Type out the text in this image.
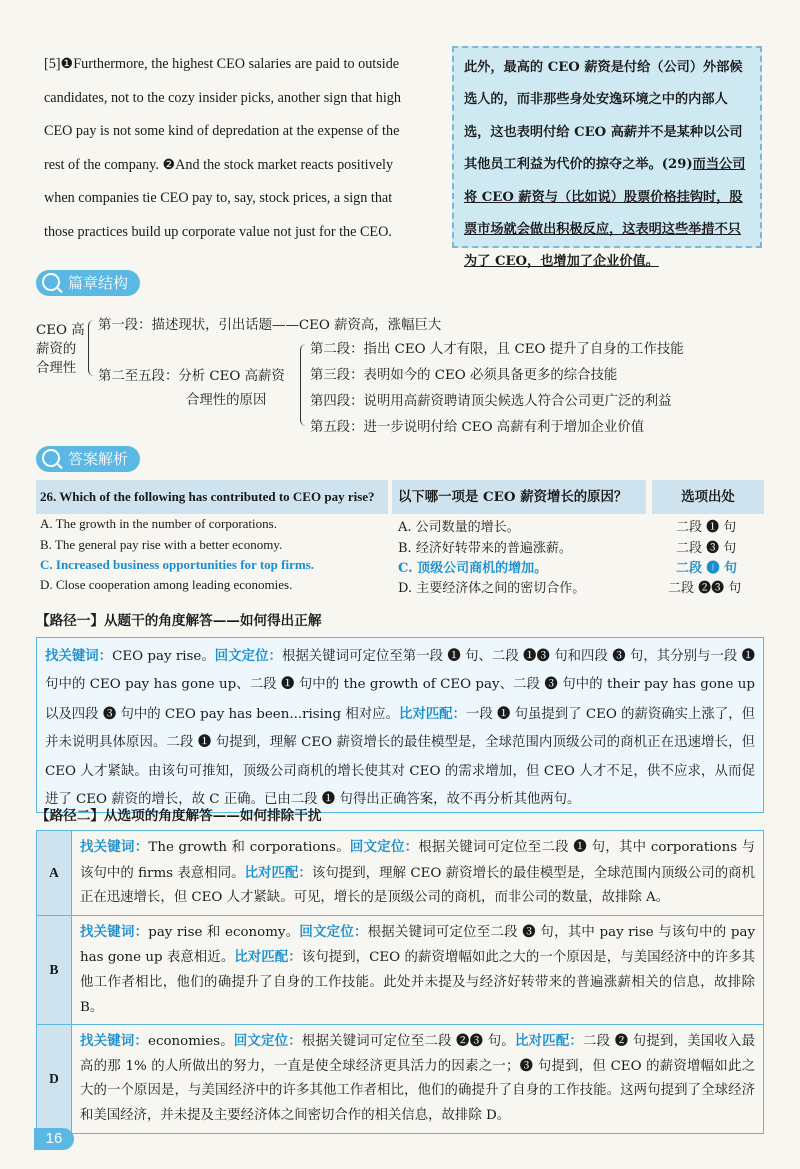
[5]❶Furthermore, the highest CEO salaries are paid to outside
candidates, not to the cozy insider picks, another sign that high
CEO pay is not some kind of depredation at the expense of the
rest of the company. ❷And the stock market reacts positively
when companies tie CEO pay to, say, stock prices, a sign that
those practices build up corporate value not just for the CEO.
此外，最高的 CEO 薪资是付给（公司）外部候选人的，而非那些身处安逸环境之中的内部人选，这也表明付给 CEO 高薪并不是某种以公司其他员工利益为代价的掠夺之举。(29)而当公司将 CEO 薪资与（比如说）股票价格挂钩时，股票市场就会做出积极反应，这表明这些举措不只为了 CEO，也增加了企业价值。
篇章结构
CEO 高
薪资的
合理性
第一段：描述现状，引出话题——CEO 薪资高，涨幅巨大
第二至五段：分析 CEO 高薪资
合理性的原因
第二段：指出 CEO 人才有限，且 CEO 提升了自身的工作技能
第三段：表明如今的 CEO 必须具备更多的综合技能
第四段：说明用高薪资聘请顶尖候选人符合公司更广泛的利益
第五段：进一步说明付给 CEO 高薪有利于增加企业价值
答案解析
26. Which of the following has contributed to CEO pay rise?	以下哪一项是 CEO 薪资增长的原因？	选项出处
A. The growth in the number of corporations.	A. 公司数量的增长。	二段 ❶ 句
B. The general pay rise with a better economy.	B. 经济好转带来的普遍涨薪。	二段 ❸ 句
C. Increased business opportunities for top firms.	C. 顶级公司商机的增加。	二段 ❶ 句
D. Close cooperation among leading economies.	D. 主要经济体之间的密切合作。	二段 ❷❸ 句
【路径一】从题干的角度解答——如何得出正解
找关键词：CEO pay rise。回文定位：根据关键词可定位至第一段 ❶ 句、二段 ❶❸ 句和四段 ❸ 句，其分别与一段 ❶ 句中的 CEO pay has gone up、二段 ❶ 句中的 the growth of CEO pay、二段 ❸ 句中的 their pay has gone up 以及四段 ❸ 句中的 CEO pay has been...rising 相对应。比对匹配：一段 ❶ 句虽提到了 CEO 的薪资确实上涨了，但并未说明具体原因。二段 ❶ 句提到，理解 CEO 薪资增长的最佳模型是，全球范围内顶级公司的商机正在迅速增长，但 CEO 人才紧缺。由该句可推知，顶级公司商机的增长使其对 CEO 的需求增加，但 CEO 人才不足，供不应求，从而促进了 CEO 薪资的增长，故 C 正确。已由二段 ❶ 句得出正确答案，故不再分析其他两句。
【路径二】从选项的角度解答——如何排除干扰
A	找关键词：The growth 和 corporations。回文定位：根据关键词可定位至二段 ❶ 句，其中 corporations 与该句中的 firms 表意相同。比对匹配：该句提到，理解 CEO 薪资增长的最佳模型是，全球范围内顶级公司的商机正在迅速增长，但 CEO 人才紧缺。可见，增长的是顶级公司的商机，而非公司的数量，故排除 A。
B	找关键词：pay rise 和 economy。回文定位：根据关键词可定位至二段 ❸ 句，其中 pay rise 与该句中的 pay has gone up 表意相近。比对匹配：该句提到，CEO 的薪资增幅如此之大的一个原因是，与美国经济中的许多其他工作者相比，他们的确提升了自身的工作技能。此处并未提及与经济好转带来的普遍涨薪相关的信息，故排除 B。
D	找关键词：economies。回文定位：根据关键词可定位至二段 ❷❸ 句。比对匹配：二段 ❷ 句提到，美国收入最高的那 1% 的人所做出的努力，一直是使全球经济更具活力的因素之一；❸ 句提到，但 CEO 的薪资增幅如此之大的一个原因是，与美国经济中的许多其他工作者相比，他们的确提升了自身的工作技能。这两句提到了全球经济和美国经济，并未提及主要经济体之间密切合作的相关信息，故排除 D。
16
